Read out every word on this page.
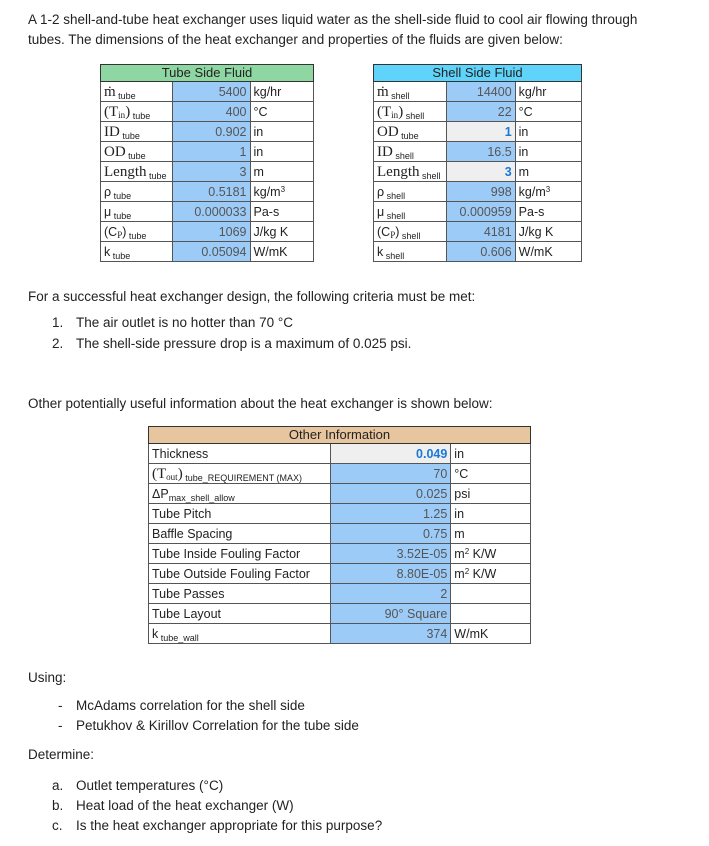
A 1-2 shell-and-tube heat exchanger uses liquid water as the shell-side fluid to cool air flowing through
tubes. The dimensions of the heat exchanger and properties of the fluids are given below:
Tube Side Fluid		
ṁ $_{tube}$	5400	kg/hr
(Tin) $_{tube}$	400	°C
ID $_{tube}$	0.902	in
OD $_{tube}$	1	in
Length $_{tube}$	3	m
ρ $_{tube}$	0.5181	$kg/m^3$
μ $_{tube}$	0.000033	Pa-s
(CP) $_{tube}$	1069	J/kg K
k $_{tube}$	0.05094	W/mK
Shell Side Fluid		
ṁ $_{shell}$	14400	kg/hr
(Tin) $_{shell}$	22	°C
OD $_{tube}$	1	in
ID $_{shell}$	16.5	in
Length $_{shell}$	3	m
ρ $_{shell}$	998	$kg/m^3$
μ $_{shell}$	0.000959	Pa-s
(CP) $_{shell}$	4181	J/kg K
k $_{shell}$	0.606	W/mK
For a successful heat exchanger design, the following criteria must be met:
1. The air outlet is no hotter than 70 °C
2. The shell-side pressure drop is a maximum of 0.025 psi.
Other potentially useful information about the heat exchanger is shown below:
Other Information		
Thickness	0.049	in
(Tout) $_{tube\_REQUIREMENT (MAX)}$	70	°C
$\Delta P_{max\_shell\_allow}$	0.025	psi
Tube Pitch	1.25	in
Baffle Spacing	0.75	m
Tube Inside Fouling Factor	3.52E-05	$m^2$ K/W
Tube Outside Fouling Factor	8.80E-05	$m^2$ K/W
Tube Passes	2	
Tube Layout	90° Square	
k $_{tube\_wall}$	374	W/mK
Using:
- McAdams correlation for the shell side
- Petukhov & Kirillov Correlation for the tube side
Determine:
a. Outlet temperatures (°C)
b. Heat load of the heat exchanger (W)
c. Is the heat exchanger appropriate for this purpose?
